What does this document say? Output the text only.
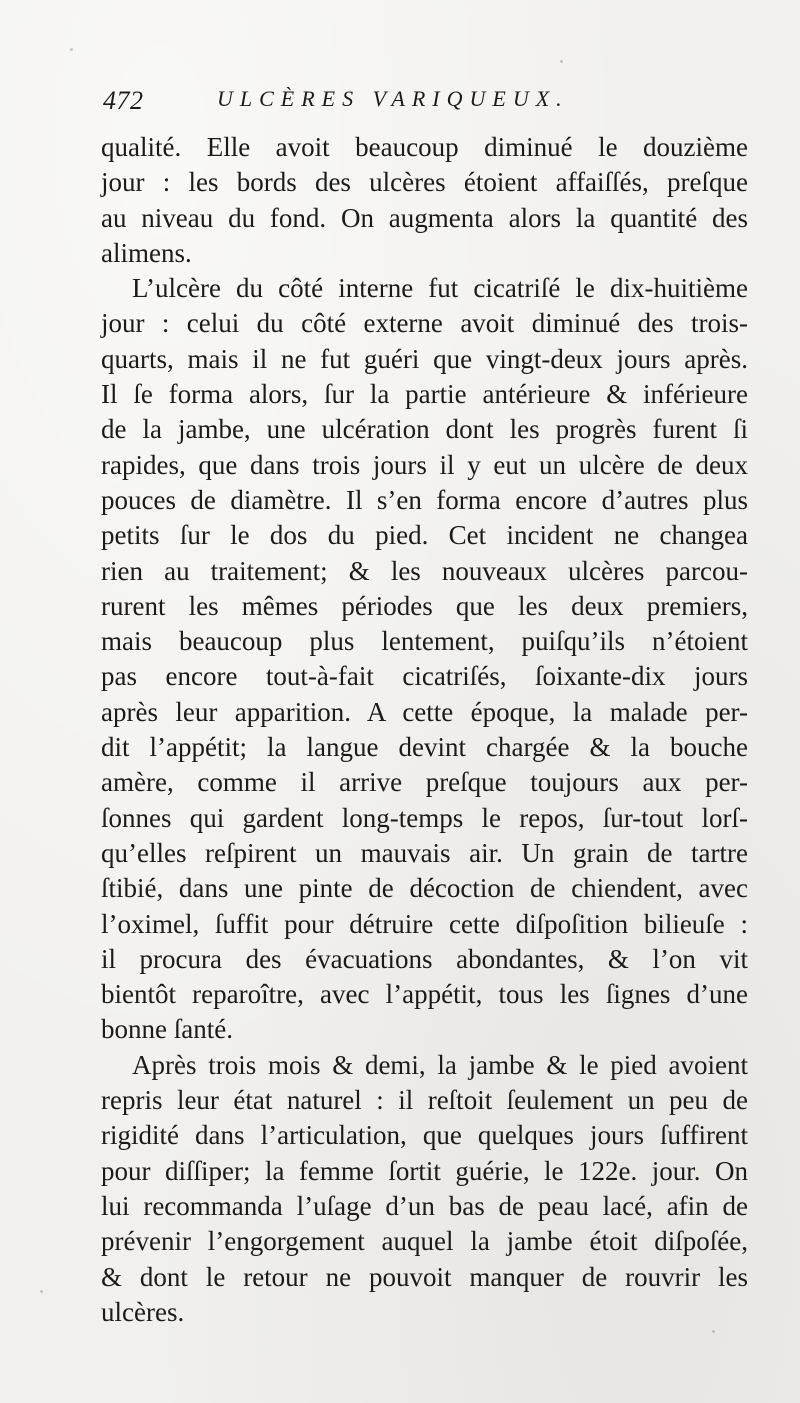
472	ULCÈRES VARIQUEUX.
qualité. Elle avoit beaucoup diminué le douzième
jour : les bords des ulcères étoient affaiſſés, preſque
au niveau du fond. On augmenta alors la quantité des
alimens.
L’ulcère du côté interne fut cicatriſé le dix-huitième
jour : celui du côté externe avoit diminué des trois-
quarts, mais il ne fut guéri que vingt-deux jours après.
Il ſe forma alors, ſur la partie antérieure & inférieure
de la jambe, une ulcération dont les progrès furent ſi
rapides, que dans trois jours il y eut un ulcère de deux
pouces de diamètre. Il s’en forma encore d’autres plus
petits ſur le dos du pied. Cet incident ne changea
rien au traitement; & les nouveaux ulcères parcou-
rurent les mêmes périodes que les deux premiers,
mais beaucoup plus lentement, puiſqu’ils n’étoient
pas encore tout-à-fait cicatriſés, ſoixante-dix jours
après leur apparition. A cette époque, la malade per-
dit l’appétit; la langue devint chargée & la bouche
amère, comme il arrive preſque toujours aux per-
ſonnes qui gardent long-temps le repos, ſur-tout lorſ-
qu’elles reſpirent un mauvais air. Un grain de tartre
ſtibié, dans une pinte de décoction de chiendent, avec
l’oximel, ſuffit pour détruire cette diſpoſition bilieuſe :
il procura des évacuations abondantes, & l’on vit
bientôt reparoître, avec l’appétit, tous les ſignes d’une
bonne ſanté.
Après trois mois & demi, la jambe & le pied avoient
repris leur état naturel : il reſtoit ſeulement un peu de
rigidité dans l’articulation, que quelques jours ſuffirent
pour diſſiper; la femme ſortit guérie, le 122e. jour. On
lui recommanda l’uſage d’un bas de peau lacé, afin de
prévenir l’engorgement auquel la jambe étoit diſpoſée,
& dont le retour ne pouvoit manquer de rouvrir les
ulcères.
